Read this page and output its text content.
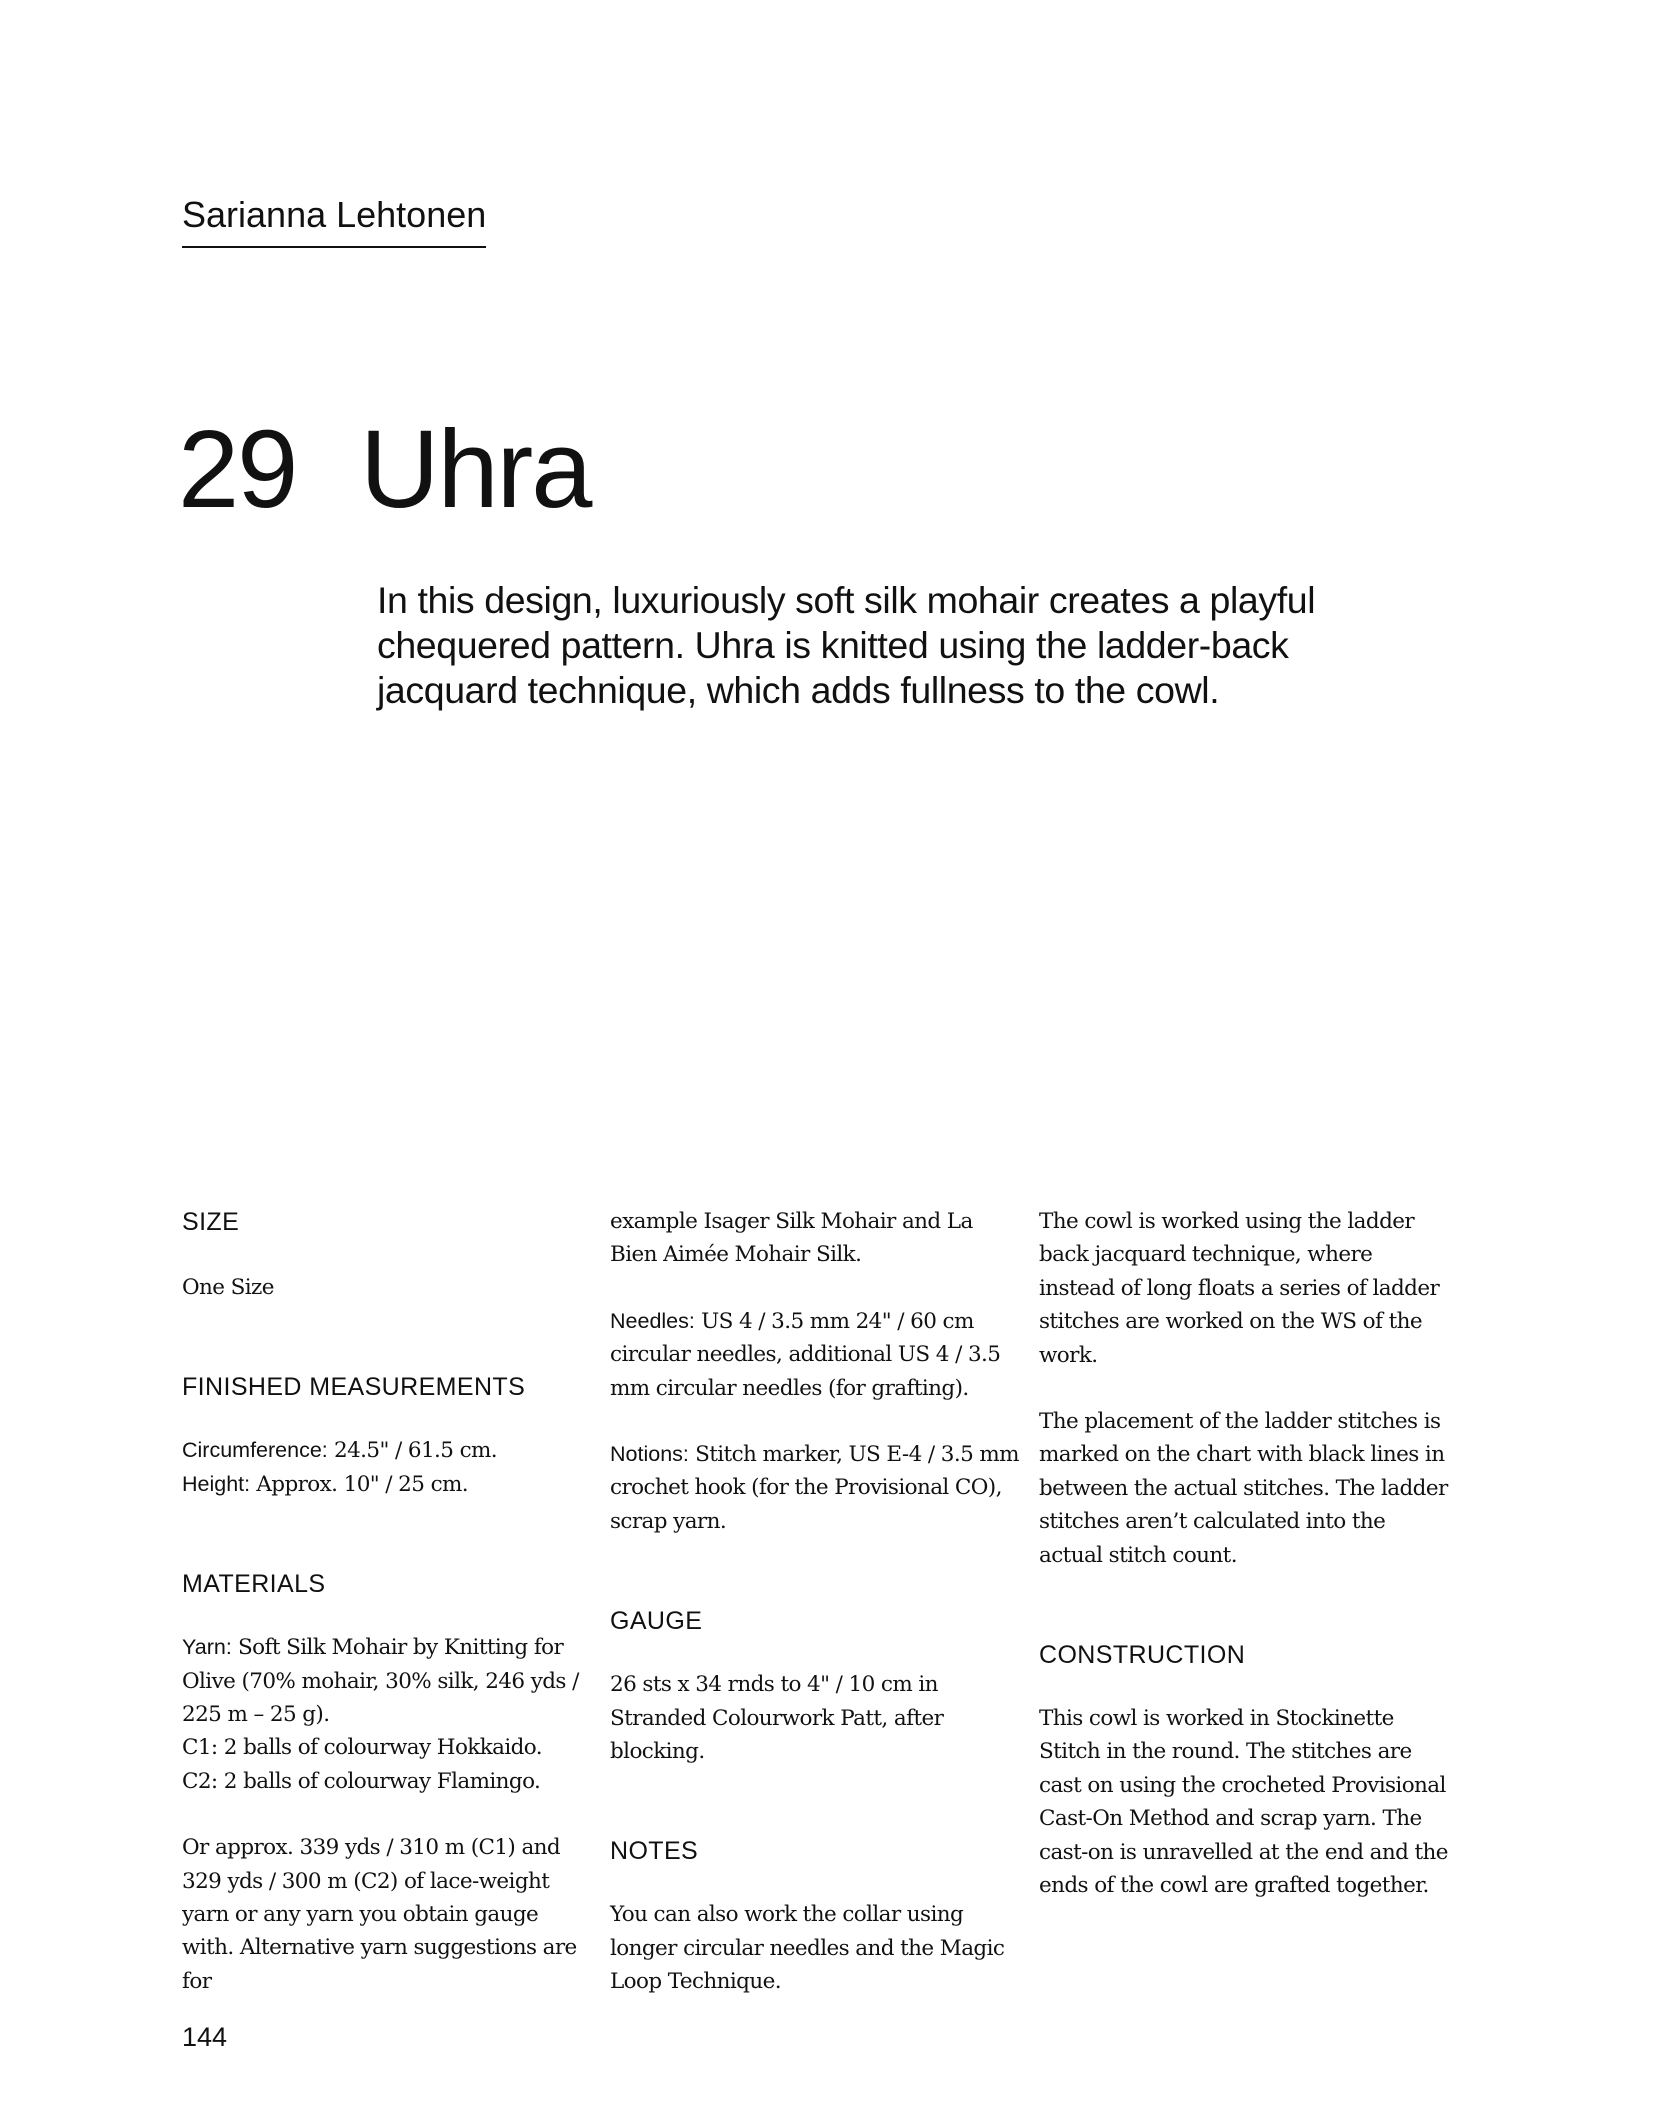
Sarianna Lehtonen
29 Uhra
In this design, luxuriously soft silk mohair creates a playful chequered pattern. Uhra is knitted using the ladder-back jacquard technique, which adds fullness to the cowl.

SIZE

One Size

FINISHED MEASUREMENTS

Circumference: 24.5" / 61.5 cm.

Height: Approx. 10" / 25 cm.

MATERIALS

Yarn: Soft Silk Mohair by Knitting for Olive (70% mohair, 30% silk, 246 yds / 225 m – 25 g).

C1: 2 balls of colourway Hokkaido.

C2: 2 balls of colourway Flamingo.

Or approx. 339 yds / 310 m (C1) and 329 yds / 300 m (C2) of lace-weight yarn or any yarn you obtain gauge with. Alternative yarn suggestions are for

example Isager Silk Mohair and La Bien Aimée Mohair Silk.

Needles: US 4 / 3.5 mm 24" / 60 cm circular needles, additional US 4 / 3.5 mm circular needles (for grafting).

Notions: Stitch marker, US E-4 / 3.5 mm crochet hook (for the Provisional CO), scrap yarn.

GAUGE

26 sts x 34 rnds to 4" / 10 cm in Stranded Colourwork Patt, after blocking.

NOTES

You can also work the collar using longer circular needles and the Magic Loop Technique.

The cowl is worked using the ladder back jacquard technique, where instead of long floats a series of ladder stitches are worked on the WS of the work.

The placement of the ladder stitches is marked on the chart with black lines in between the actual stitches. The ladder stitches aren’t calculated into the actual stitch count.

CONSTRUCTION

This cowl is worked in Stockinette Stitch in the round. The stitches are cast on using the crocheted Provisional Cast-On Method and scrap yarn. The cast-on is unravelled at the end and the ends of the cowl are grafted together.

144
